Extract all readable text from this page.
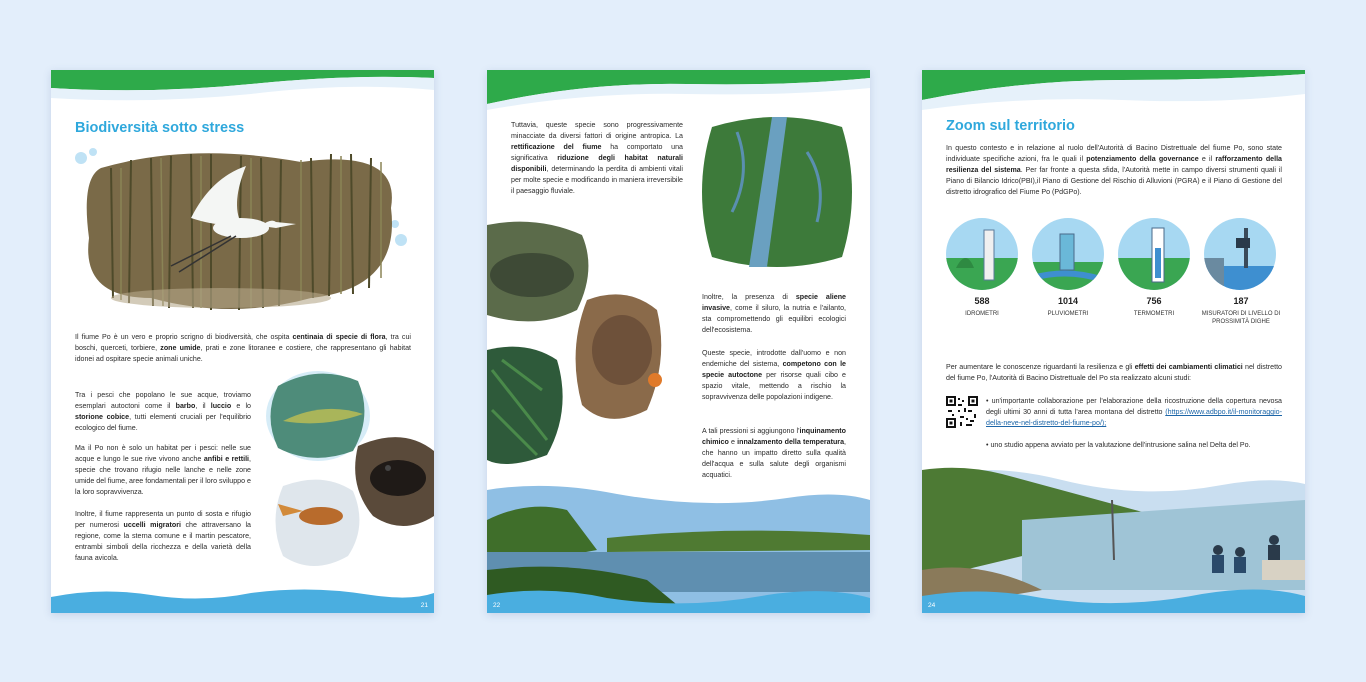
Biodiversità sotto stress

Il fiume Po è un vero e proprio scrigno di biodiversità, che ospita centinaia di specie di flora, tra cui boschi, querceti, torbiere, zone umide, prati e zone litoranee e costiere, che rappresentano gli habitat idonei ad ospitare specie animali uniche.

Tra i pesci che popolano le sue acque, troviamo esemplari autoctoni come il barbo, il luccio e lo storione cobice, tutti elementi cruciali per l'equilibrio ecologico del fiume.

Ma il Po non è solo un habitat per i pesci: nelle sue acque e lungo le sue rive vivono anche anfibi e rettili, specie che trovano rifugio nelle lanche e nelle zone umide del fiume, aree fondamentali per il loro sviluppo e la loro sopravvivenza.

Inoltre, il fiume rappresenta un punto di sosta e rifugio per numerosi uccelli migratori che attraversano la regione, come la sterna comune e il martin pescatore, entrambi simboli della ricchezza e della varietà della fauna avicola.

21

Tuttavia, queste specie sono progressivamente minacciate da diversi fattori di origine antropica. La rettificazione del fiume ha comportato una significativa riduzione degli habitat naturali disponibili, determinando la perdita di ambienti vitali per molte specie e modificando in maniera irreversibile il paesaggio fluviale.

Inoltre, la presenza di specie aliene invasive, come il siluro, la nutria e l'ailanto, sta compromettendo gli equilibri ecologici dell'ecosistema.

Queste specie, introdotte dall'uomo e non endemiche del sistema, competono con le specie autoctone per risorse quali cibo e spazio vitale, mettendo a rischio la sopravvivenza delle popolazioni indigene.

A tali pressioni si aggiungono l'inquinamento chimico e innalzamento della temperatura, che hanno un impatto diretto sulla qualità dell'acqua e sulla salute degli organismi acquatici.

22
Zoom sul territorio

In questo contesto e in relazione al ruolo dell'Autorità di Bacino Distrettuale del fiume Po, sono state individuate specifiche azioni, fra le quali il potenziamento della governance e il rafforzamento della resilienza del sistema. Per far fronte a questa sfida, l'Autorità mette in campo diversi strumenti quali il Piano di Bilancio Idrico(PBI),il Piano di Gestione del Rischio di Alluvioni (PGRA) e il Piano di Gestione del distretto idrografico del Fiume Po (PdGPo).

588
IDROMETRI
1014
PLUVIOMETRI
756
TERMOMETRI
187
MISURATORI DI LIVELLO DI PROSSIMITÀ DIGHE

Per aumentare le conoscenze riguardanti la resilienza e gli effetti dei cambiamenti climatici nel distretto del fiume Po, l'Autorità di Bacino Distrettuale del Po sta realizzato alcuni studi:

• un'importante collaborazione per l'elaborazione della ricostruzione della copertura nevosa degli ultimi 30 anni di tutta l'area montana del distretto (https://www.adbpo.it/il-monitoraggio-della-neve-nel-distretto-del-fiume-po/);
• uno studio appena avviato per la valutazione dell'intrusione salina nel Delta del Po.
24
